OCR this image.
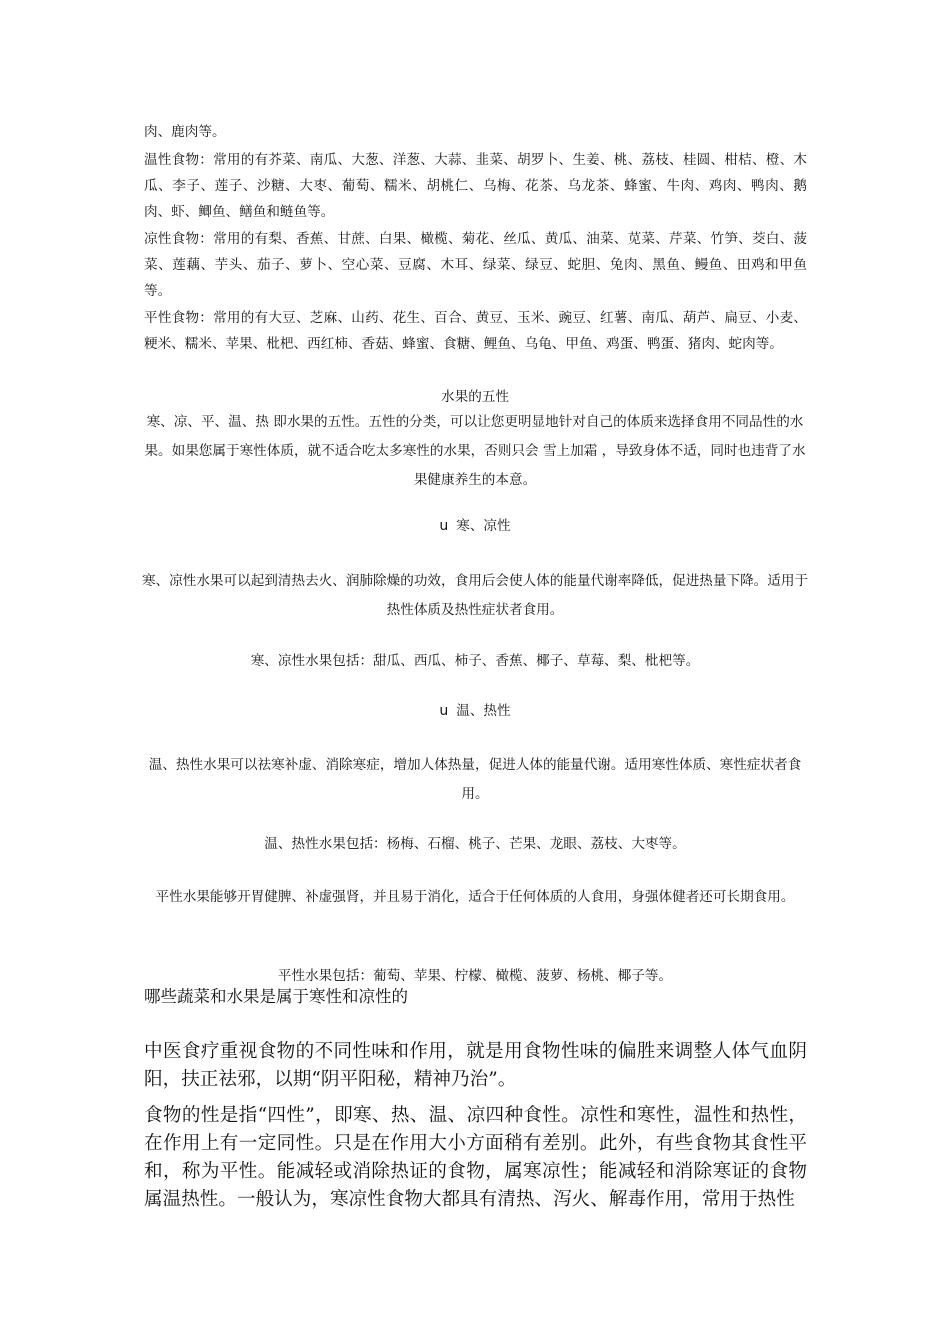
肉、鹿肉等。
温性食物：常用的有芥菜、南瓜、大葱、洋葱、大蒜、韭菜、胡罗卜、生姜、桃、荔枝、桂圆、柑桔、橙、木瓜、李子、莲子、沙糖、大枣、葡萄、糯米、胡桃仁、乌梅、花茶、乌龙茶、蜂蜜、牛肉、鸡肉、鸭肉、鹅肉、虾、鲫鱼、鳝鱼和鲢鱼等。
凉性食物：常用的有梨、香蕉、甘蔗、白果、橄榄、菊花、丝瓜、黄瓜、油菜、苋菜、芹菜、竹笋、茭白、菠菜、莲藕、芋头、茄子、萝卜、空心菜、豆腐、木耳、绿菜、绿豆、蛇胆、兔肉、黑鱼、鳗鱼、田鸡和甲鱼等。
平性食物：常用的有大豆、芝麻、山药、花生、百合、黄豆、玉米、豌豆、红薯、南瓜、葫芦、扁豆、小麦、粳米、糯米、苹果、枇杷、西红柿、香菇、蜂蜜、食糖、鲤鱼、乌龟、甲鱼、鸡蛋、鸭蛋、猪肉、蛇肉等。
水果的五性
寒、凉、平、温、热 即水果的五性。五性的分类，可以让您更明显地针对自己的体质来选择食用不同品性的水果。如果您属于寒性体质，就不适合吃太多寒性的水果，否则只会 雪上加霜 ，导致身体不适，同时也违背了水果健康养生的本意。
u 寒、凉性
寒、凉性水果可以起到清热去火、润肺除燥的功效，食用后会使人体的能量代谢率降低，促进热量下降。适用于热性体质及热性症状者食用。
寒、凉性水果包括：甜瓜、西瓜、柿子、香蕉、椰子、草莓、梨、枇杷等。
u 温、热性
温、热性水果可以祛寒补虚、消除寒症，增加人体热量，促进人体的能量代谢。适用寒性体质、寒性症状者食用。
温、热性水果包括：杨梅、石榴、桃子、芒果、龙眼、荔枝、大枣等。
平性水果能够开胃健脾、补虚强肾，并且易于消化，适合于任何体质的人食用，身强体健者还可长期食用。
平性水果包括：葡萄、苹果、柠檬、橄榄、菠萝、杨桃、椰子等。
哪些蔬菜和水果是属于寒性和凉性的
中医食疗重视食物的不同性味和作用，就是用食物性味的偏胜来调整人体气血阴阳，扶正祛邪，以期“阴平阳秘，精神乃治”。
食物的性是指“四性”，即寒、热、温、凉四种食性。凉性和寒性，温性和热性，在作用上有一定同性。只是在作用大小方面稍有差别。此外，有些食物其食性平和，称为平性。能减轻或消除热证的食物，属寒凉性；能减轻和消除寒证的食物属温热性。一般认为，寒凉性食物大都具有清热、泻火、解毒作用，常用于热性
